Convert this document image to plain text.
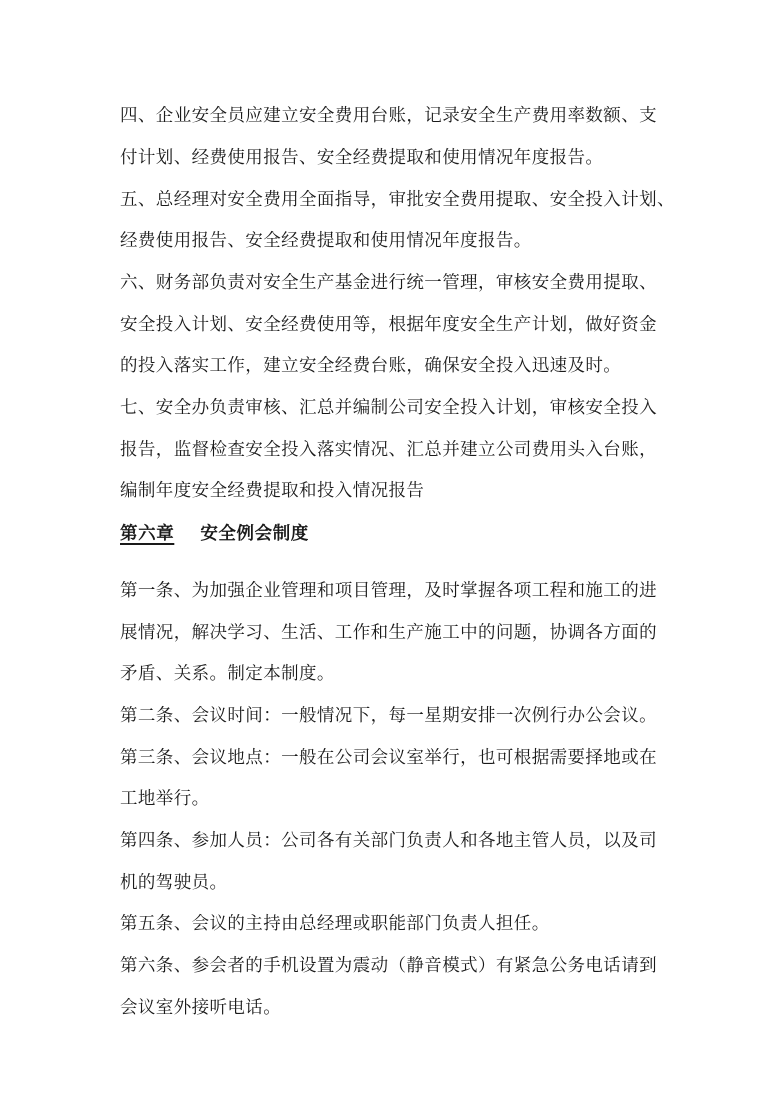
四、企业安全员应建立安全费用台账，记录安全生产费用率数额、支
付计划、经费使用报告、安全经费提取和使用情况年度报告。
五、总经理对安全费用全面指导，审批安全费用提取、安全投入计划、
经费使用报告、安全经费提取和使用情况年度报告。
六、财务部负责对安全生产基金进行统一管理，审核安全费用提取、
安全投入计划、安全经费使用等，根据年度安全生产计划，做好资金
的投入落实工作，建立安全经费台账，确保安全投入迅速及时。
七、安全办负责审核、汇总并编制公司安全投入计划，审核安全投入
报告，监督检查安全投入落实情况、汇总并建立公司费用头入台账，
编制年度安全经费提取和投入情况报告
第六章 安全例会制度
第一条、为加强企业管理和项目管理，及时掌握各项工程和施工的进
展情况，解决学习、生活、工作和生产施工中的问题，协调各方面的
矛盾、关系。制定本制度。
第二条、会议时间：一般情况下，每一星期安排一次例行办公会议。
第三条、会议地点：一般在公司会议室举行，也可根据需要择地或在
工地举行。
第四条、参加人员：公司各有关部门负责人和各地主管人员，以及司
机的驾驶员。
第五条、会议的主持由总经理或职能部门负责人担任。
第六条、参会者的手机设置为震动（静音模式）有紧急公务电话请到
会议室外接听电话。
